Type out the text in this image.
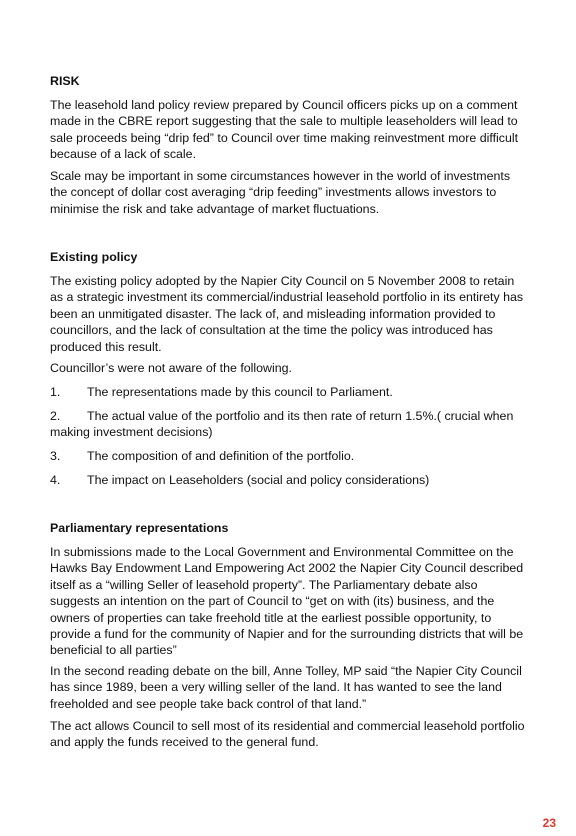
RISK

The leasehold land policy review prepared by Council officers picks up on a comment made in the CBRE report suggesting that the sale to multiple leaseholders will lead to sale proceeds being “drip fed” to Council over time making reinvestment more difficult because of a lack of scale.

Scale may be important in some circumstances however in the world of investments the concept of dollar cost averaging “drip feeding” investments allows investors to minimise the risk and take advantage of market fluctuations.

Existing policy

The existing policy adopted by the Napier City Council on 5 November 2008 to retain as a strategic investment its commercial/industrial leasehold portfolio in its entirety has been an unmitigated disaster. The lack of, and misleading information provided to councillors, and the lack of consultation at the time the policy was introduced has produced this result.

Councillor’s were not aware of the following.

1. The representations made by this council to Parliament.
2. The actual value of the portfolio and its then rate of return 1.5%.( crucial when making investment decisions)
3. The composition of and definition of the portfolio.
4. The impact on Leaseholders (social and policy considerations)
Parliamentary representations

In submissions made to the Local Government and Environmental Committee on the Hawks Bay Endowment Land Empowering Act 2002 the Napier City Council described itself as a “willing Seller of leasehold property”. The Parliamentary debate also suggests an intention on the part of Council to “get on with (its) business, and the owners of properties can take freehold title at the earliest possible opportunity, to provide a fund for the community of Napier and for the surrounding districts that will be beneficial to all parties”

In the second reading debate on the bill, Anne Tolley, MP said “the Napier City Council has since 1989, been a very willing seller of the land. It has wanted to see the land freeholded and see people take back control of that land.”

The act allows Council to sell most of its residential and commercial leasehold portfolio and apply the funds received to the general fund.

23
